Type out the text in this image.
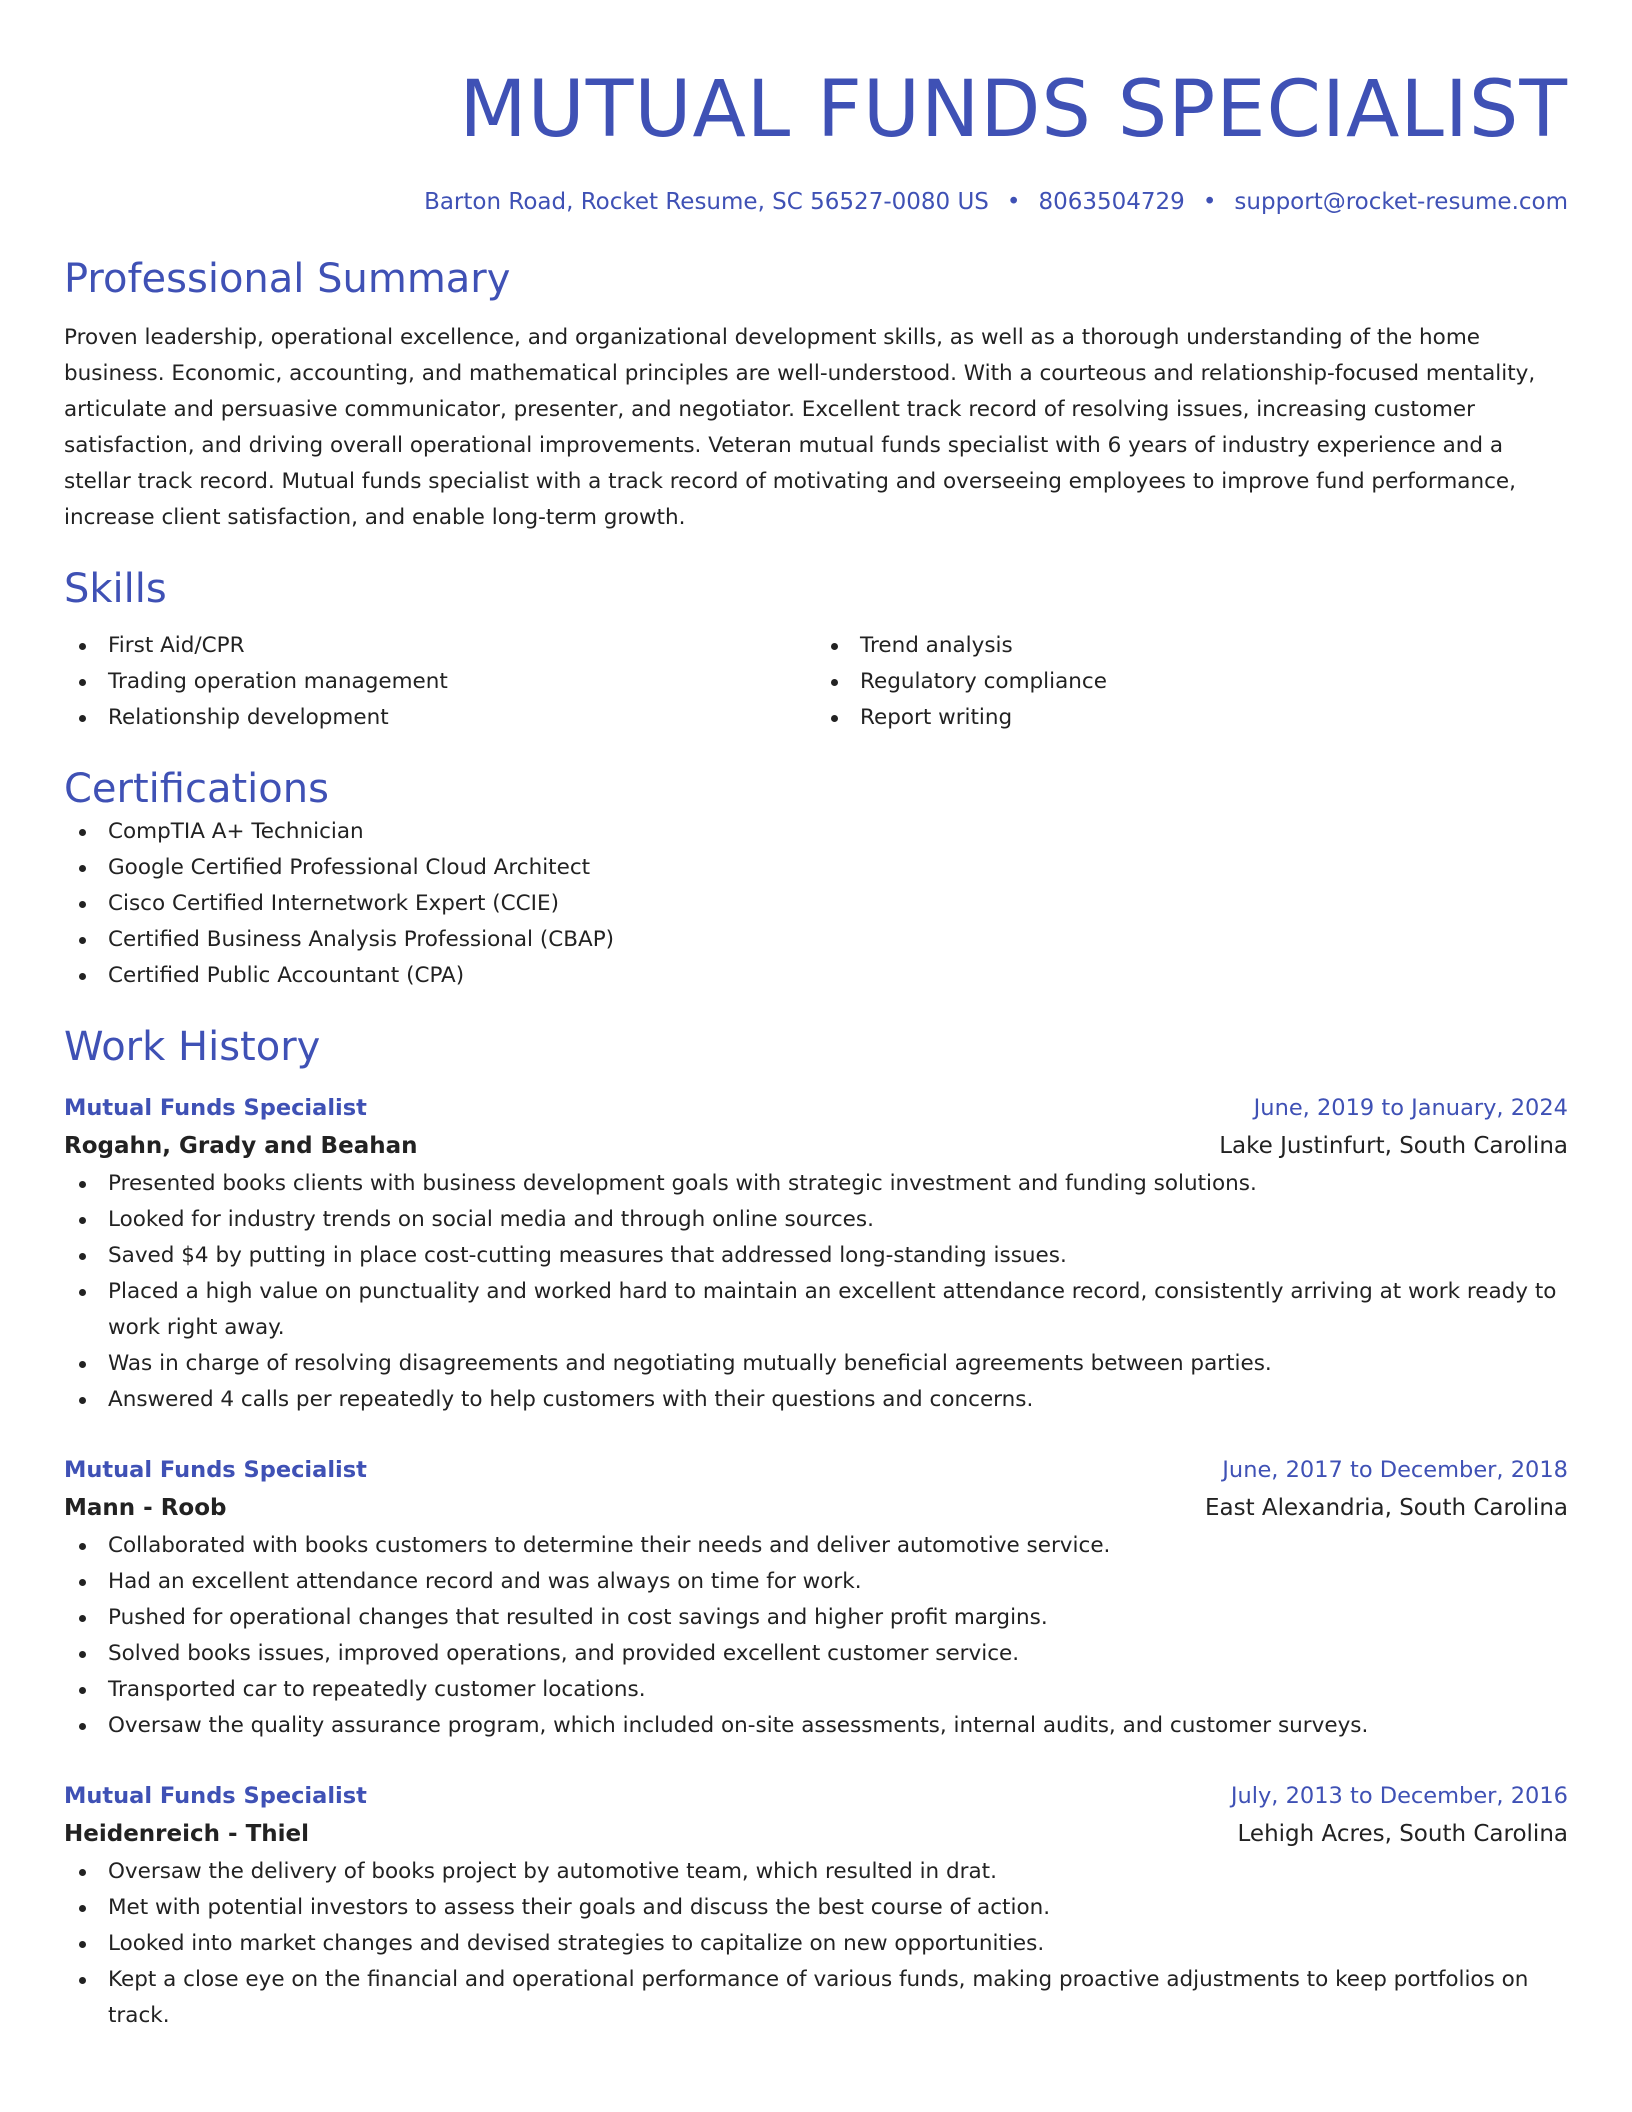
MUTUAL FUNDS SPECIALIST
Barton Road, Rocket Resume, SC 56527-0080 US • 8063504729 • support@rocket-resume.com
Professional Summary
Proven leadership, operational excellence, and organizational development skills, as well as a thorough understanding of the home business. Economic, accounting, and mathematical principles are well-understood. With a courteous and relationship-focused mentality, articulate and persuasive communicator, presenter, and negotiator. Excellent track record of resolving issues, increasing customer satisfaction, and driving overall operational improvements. Veteran mutual funds specialist with 6 years of industry experience and a stellar track record. Mutual funds specialist with a track record of motivating and overseeing employees to improve fund performance, increase client satisfaction, and enable long-term growth.
Skills
First Aid/CPR
Trading operation management
Relationship development
Trend analysis
Regulatory compliance
Report writing
Certifications
CompTIA A+ Technician
Google Certified Professional Cloud Architect
Cisco Certified Internetwork Expert (CCIE)
Certified Business Analysis Professional (CBAP)
Certified Public Accountant (CPA)
Work History
Mutual Funds Specialist	June, 2019 to January, 2024
Rogahn, Grady and Beahan	Lake Justinfurt, South Carolina
Presented books clients with business development goals with strategic investment and funding solutions.
Looked for industry trends on social media and through online sources.
Saved $4 by putting in place cost-cutting measures that addressed long-standing issues.
Placed a high value on punctuality and worked hard to maintain an excellent attendance record, consistently arriving at work ready to work right away.
Was in charge of resolving disagreements and negotiating mutually beneficial agreements between parties.
Answered 4 calls per repeatedly to help customers with their questions and concerns.
Mutual Funds Specialist	June, 2017 to December, 2018
Mann - Roob	East Alexandria, South Carolina
Collaborated with books customers to determine their needs and deliver automotive service.
Had an excellent attendance record and was always on time for work.
Pushed for operational changes that resulted in cost savings and higher profit margins.
Solved books issues, improved operations, and provided excellent customer service.
Transported car to repeatedly customer locations.
Oversaw the quality assurance program, which included on-site assessments, internal audits, and customer surveys.
Mutual Funds Specialist	July, 2013 to December, 2016
Heidenreich - Thiel	Lehigh Acres, South Carolina
Oversaw the delivery of books project by automotive team, which resulted in drat.
Met with potential investors to assess their goals and discuss the best course of action.
Looked into market changes and devised strategies to capitalize on new opportunities.
Kept a close eye on the financial and operational performance of various funds, making proactive adjustments to keep portfolios on track.
